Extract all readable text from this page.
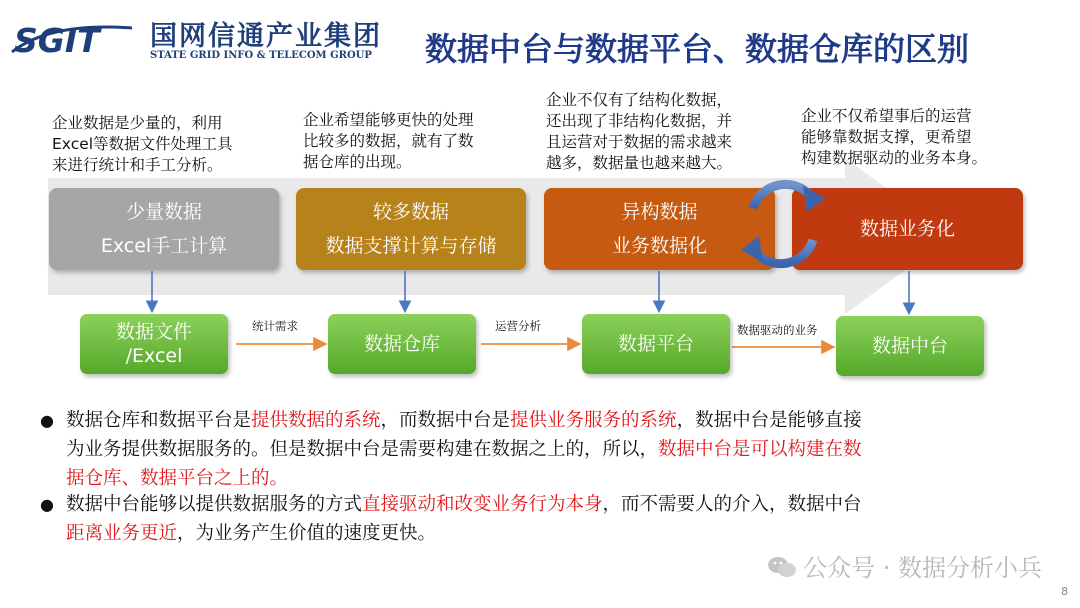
SGIT 国网信通产业集团
STATE GRID INFO & TELECOM GROUP 数据中台与数据平台、数据仓库的区别
企业数据是少量的，利用
Excel等数据文件处理工具
来进行统计和手工分析。
企业希望能够更快的处理
比较多的数据，就有了数
据仓库的出现。
企业不仅有了结构化数据，
还出现了非结构化数据，并
且运营对于数据的需求越来
越多，数据量也越来越大。
企业不仅希望事后的运营
能够靠数据支撑，更希望
构建数据驱动的业务本身。
少量数据
Excel手工计算
较多数据
数据支撑计算与存储
异构数据
业务数据化
数据业务化
数据文件
/Excel
数据仓库	数据平台	数据中台
统计需求	运营分析	数据驱动的业务
● 数据仓库和数据平台是提供数据的系统，而数据中台是提供业务服务的系统，数据中台是能够直接
为业务提供数据服务的。但是数据中台是需要构建在数据之上的，所以，数据中台是可以构建在数
据仓库、数据平台之上的。
● 数据中台能够以提供数据服务的方式直接驱动和改变业务行为本身，而不需要人的介入，数据中台
距离业务更近，为业务产生价值的速度更快。
公众号 · 数据分析小兵
8
